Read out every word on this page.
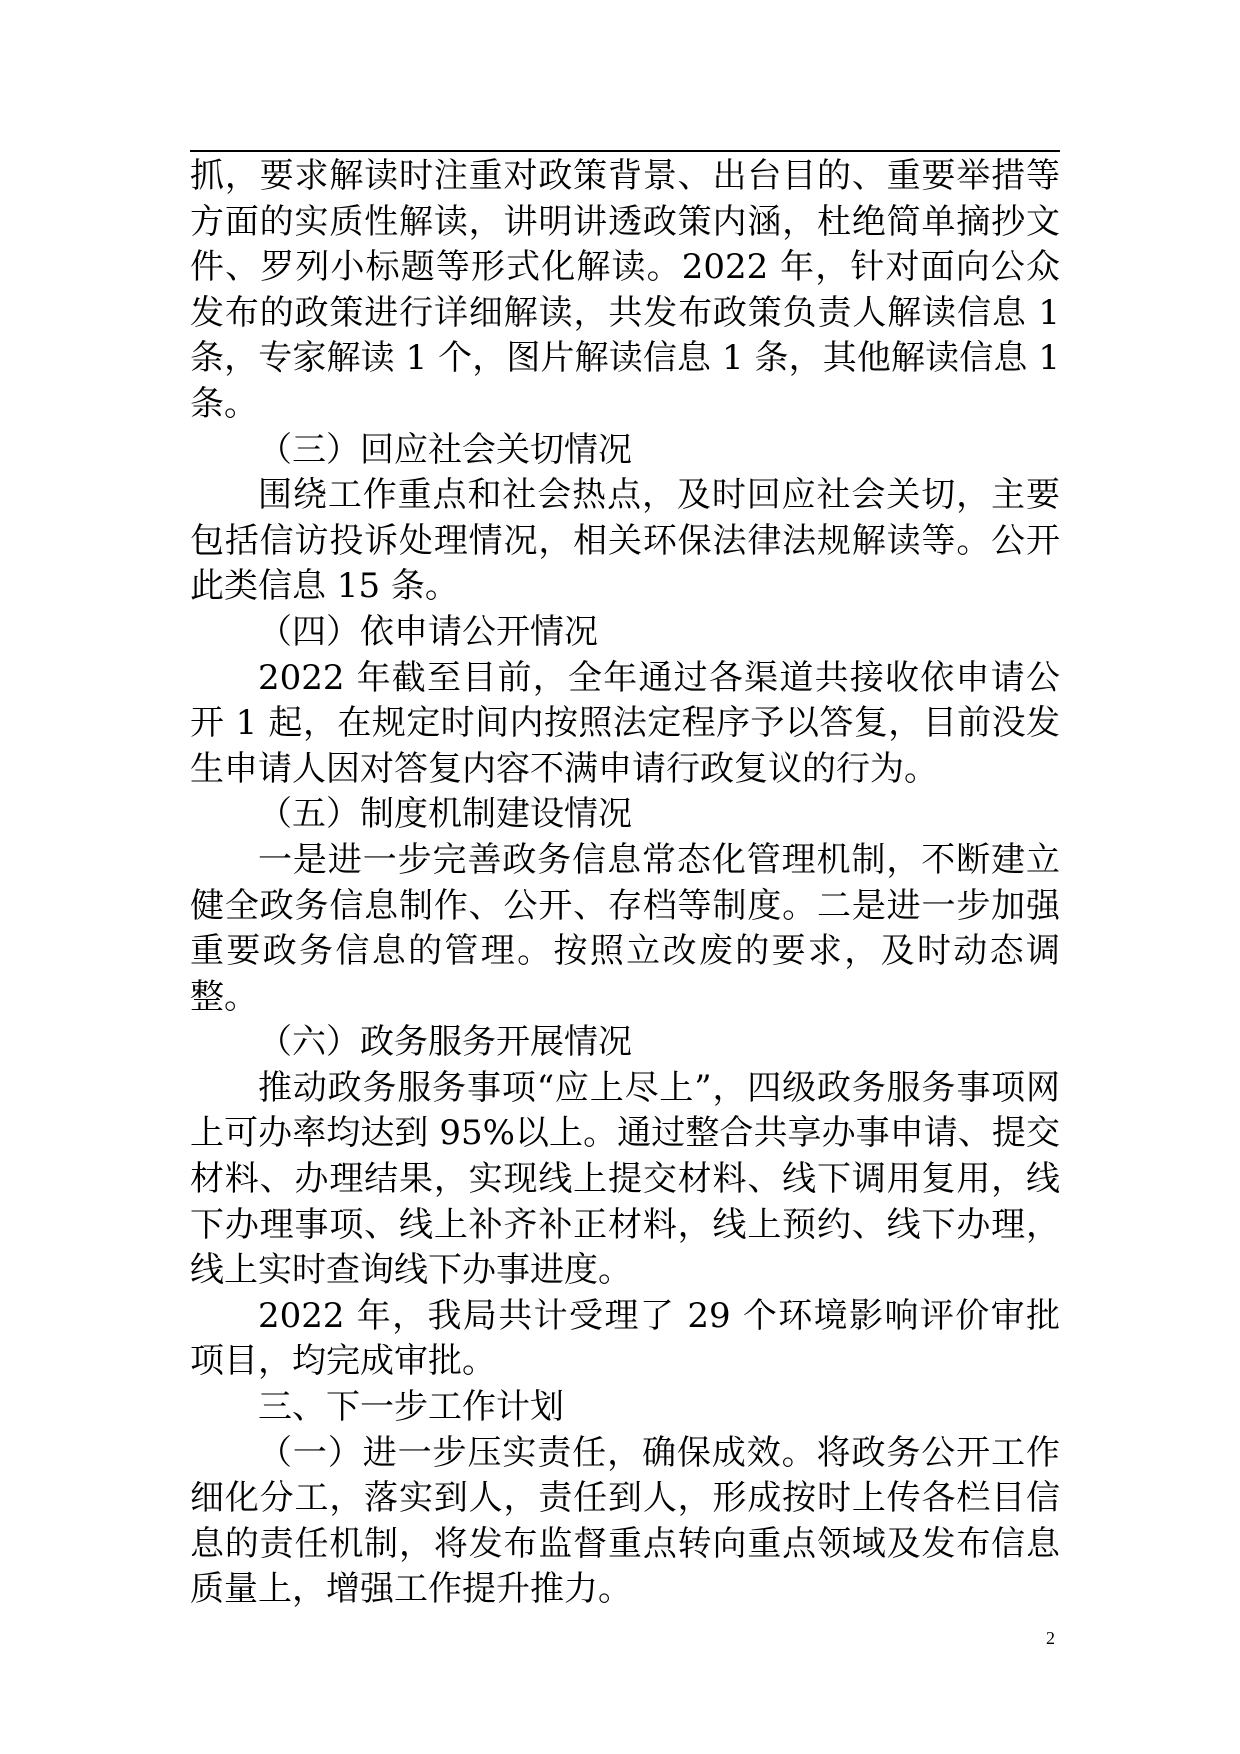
抓，要求解读时注重对政策背景、出台目的、重要举措等方面的实质性解读，讲明讲透政策内涵，杜绝简单摘抄文件、罗列小标题等形式化解读。2022 年，针对面向公众发布的政策进行详细解读，共发布政策负责人解读信息 1 条，专家解读 1 个，图片解读信息 1 条，其他解读信息 1 条。

（三）回应社会关切情况

围绕工作重点和社会热点，及时回应社会关切，主要包括信访投诉处理情况，相关环保法律法规解读等。公开此类信息 15 条。

（四）依申请公开情况

2022 年截至目前，全年通过各渠道共接收依申请公开 1 起，在规定时间内按照法定程序予以答复，目前没发生申请人因对答复内容不满申请行政复议的行为。

（五）制度机制建设情况

一是进一步完善政务信息常态化管理机制，不断建立健全政务信息制作、公开、存档等制度。二是进一步加强重要政务信息的管理。按照立改废的要求，及时动态调整。

（六）政务服务开展情况

推动政务服务事项“应上尽上”，四级政务服务事项网上可办率均达到 95%以上。通过整合共享办事申请、提交材料、办理结果，实现线上提交材料、线下调用复用，线下办理事项、线上补齐补正材料，线上预约、线下办理，线上实时查询线下办事进度。

2022 年，我局共计受理了 29 个环境影响评价审批项目，均完成审批。

三、下一步工作计划

（一）进一步压实责任，确保成效。将政务公开工作细化分工，落实到人，责任到人，形成按时上传各栏目信息的责任机制，将发布监督重点转向重点领域及发布信息质量上，增强工作提升推力。

2
